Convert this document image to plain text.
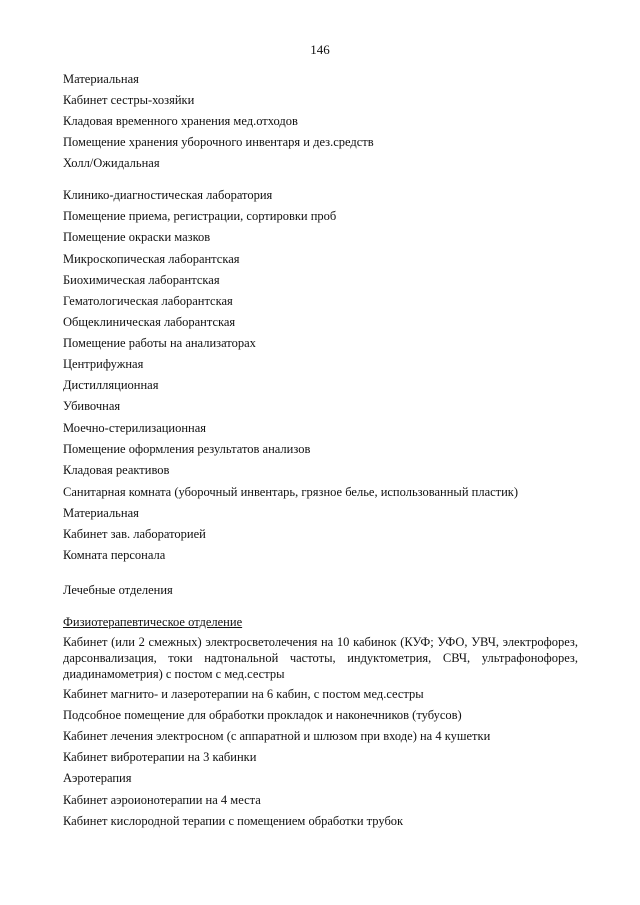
146
Материальная
Кабинет сестры-хозяйки
Кладовая временного хранения мед.отходов
Помещение хранения уборочного инвентаря и дез.средств
Холл/Ожидальная
Клинико-диагностическая лаборатория
Помещение приема, регистрации, сортировки проб
Помещение окраски мазков
Микроскопическая лаборантская
Биохимическая лаборантская
Гематологическая лаборантская
Общеклиническая лаборантская
Помещение работы на анализаторах
Центрифужная
Дистилляционная
Убивочная
Моечно-стерилизационная
Помещение оформления результатов анализов
Кладовая реактивов
Санитарная комната (уборочный инвентарь, грязное белье, использованный пластик)
Материальная
Кабинет зав. лабораторией
Комната персонала
Лечебные отделения
Физиотерапевтическое отделение
Кабинет (или 2 смежных) электросветолечения на 10 кабинок (КУФ; УФО, УВЧ, электрофорез,
дарсонвализация, токи надтональной частоты, индуктометрия, СВЧ, ультрафонофорез,
диадинамометрия) с постом с мед.сестры
Кабинет магнито- и лазеротерапии на 6 кабин, с постом мед.сестры
Подсобное помещение для обработки прокладок и наконечников (тубусов)
Кабинет лечения электросном (с аппаратной и шлюзом при входе) на 4 кушетки
Кабинет вибротерапии на 3 кабинки
Аэротерапия
Кабинет аэроионотерапии на 4 места
Кабинет кислородной терапии с помещением обработки трубок
